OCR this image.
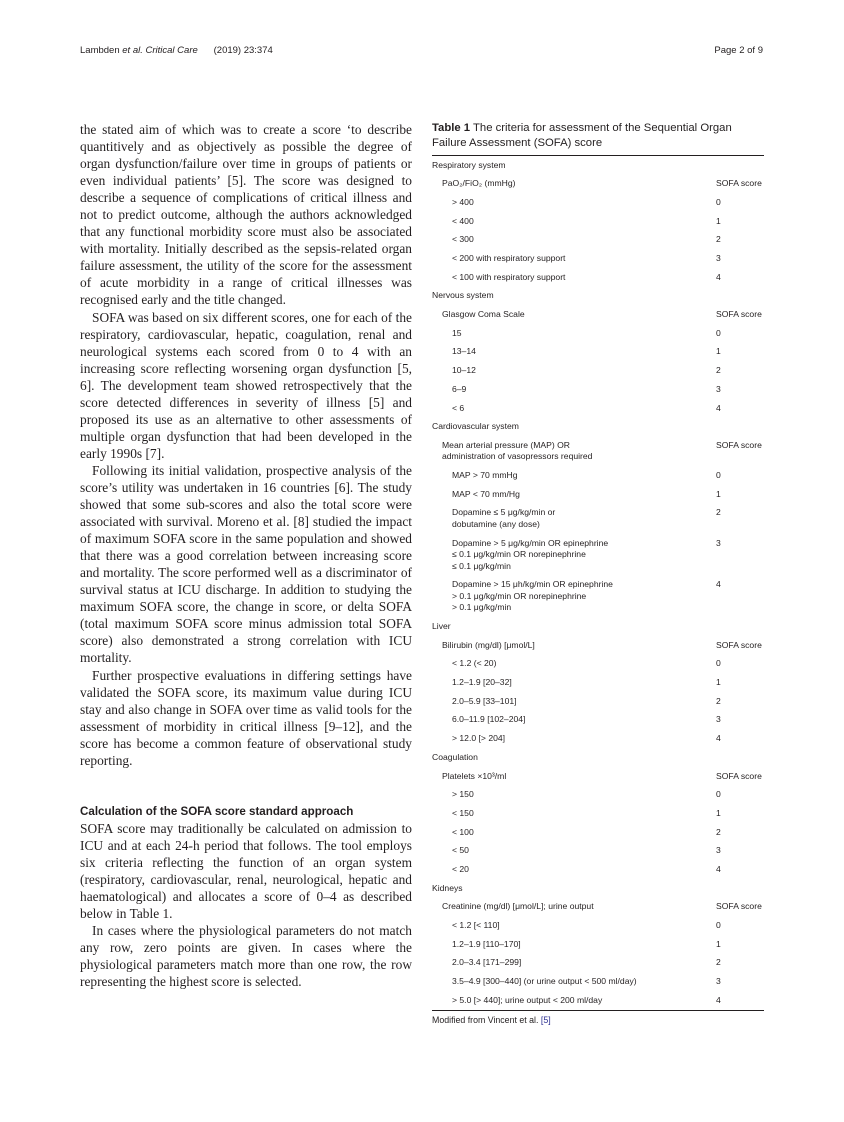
Lambden et al. Critical Care (2019) 23:374	Page 2 of 9

the stated aim of which was to create a score ‘to describe quantitively and as objectively as possible the degree of organ dysfunction/failure over time in groups of patients or even individual patients’ [5]. The score was designed to describe a sequence of complications of critical illness and not to predict outcome, although the authors acknowledged that any functional morbidity score must also be associated with mortality. Initially described as the sepsis-related organ failure assessment, the utility of the score for the assessment of acute morbidity in a range of critical illnesses was recognised early and the title changed.

SOFA was based on six different scores, one for each of the respiratory, cardiovascular, hepatic, coagulation, renal and neurological systems each scored from 0 to 4 with an increasing score reflecting worsening organ dysfunction [5, 6]. The development team showed retrospectively that the score detected differences in severity of illness [5] and proposed its use as an alternative to other assessments of multiple organ dysfunction that had been developed in the early 1990s [7].

Following its initial validation, prospective analysis of the score’s utility was undertaken in 16 countries [6]. The study showed that some sub-scores and also the total score were associated with survival. Moreno et al. [8] studied the impact of maximum SOFA score in the same population and showed that there was a good correlation between increasing score and mortality. The score performed well as a discriminator of survival status at ICU discharge. In addition to studying the maximum SOFA score, the change in score, or delta SOFA (total maximum SOFA score minus admission total SOFA score) also demonstrated a strong correlation with ICU mortality.

Further prospective evaluations in differing settings have validated the SOFA score, its maximum value during ICU stay and also change in SOFA over time as valid tools for the assessment of morbidity in critical illness [9–12], and the score has become a common feature of observational study reporting.

Calculation of the SOFA score standard approach

SOFA score may traditionally be calculated on admission to ICU and at each 24-h period that follows. The tool employs six criteria reflecting the function of an organ system (respiratory, cardiovascular, renal, neurological, hepatic and haematological) and allocates a score of 0–4 as described below in Table 1.

In cases where the physiological parameters do not match any row, zero points are given. In cases where the physiological parameters match more than one row, the row representing the highest score is selected.

Table 1 The criteria for assessment of the Sequential Organ Failure Assessment (SOFA) score
Respiratory system	
PaO₂/FiO₂ (mmHg)	SOFA score
> 400	0
< 400	1
< 300	2
< 200 with respiratory support	3
< 100 with respiratory support	4
Nervous system	
Glasgow Coma Scale	SOFA score
15	0
13–14	1
10–12	2
6–9	3
< 6	4
Cardiovascular system	
Mean arterial pressure (MAP) OR
administration of vasopressors required	SOFA score
MAP > 70 mmHg	0
MAP < 70 mm/Hg	1
Dopamine ≤ 5 μg/kg/min or
dobutamine (any dose)	2
Dopamine > 5 μg/kg/min OR epinephrine
≤ 0.1 μg/kg/min OR norepinephrine
≤ 0.1 μg/kg/min	3
Dopamine > 15 μh/kg/min OR epinephrine
> 0.1 μg/kg/min OR norepinephrine
> 0.1 μg/kg/min	4
Liver	
Bilirubin (mg/dl) [μmol/L]	SOFA score
< 1.2 (< 20)	0
1.2–1.9 [20–32]	1
2.0–5.9 [33–101]	2
6.0–11.9 [102–204]	3
> 12.0 [> 204]	4
Coagulation	
Platelets ×10³/ml	SOFA score
> 150	0
< 150	1
< 100	2
< 50	3
< 20	4
Kidneys	
Creatinine (mg/dl) [μmol/L]; urine output	SOFA score
< 1.2 [< 110]	0
1.2–1.9 [110–170]	1
2.0–3.4 [171–299]	2
3.5–4.9 [300–440] (or urine output < 500 ml/day)	3
> 5.0 [> 440]; urine output < 200 ml/day	4
Modified from Vincent et al. [5]
